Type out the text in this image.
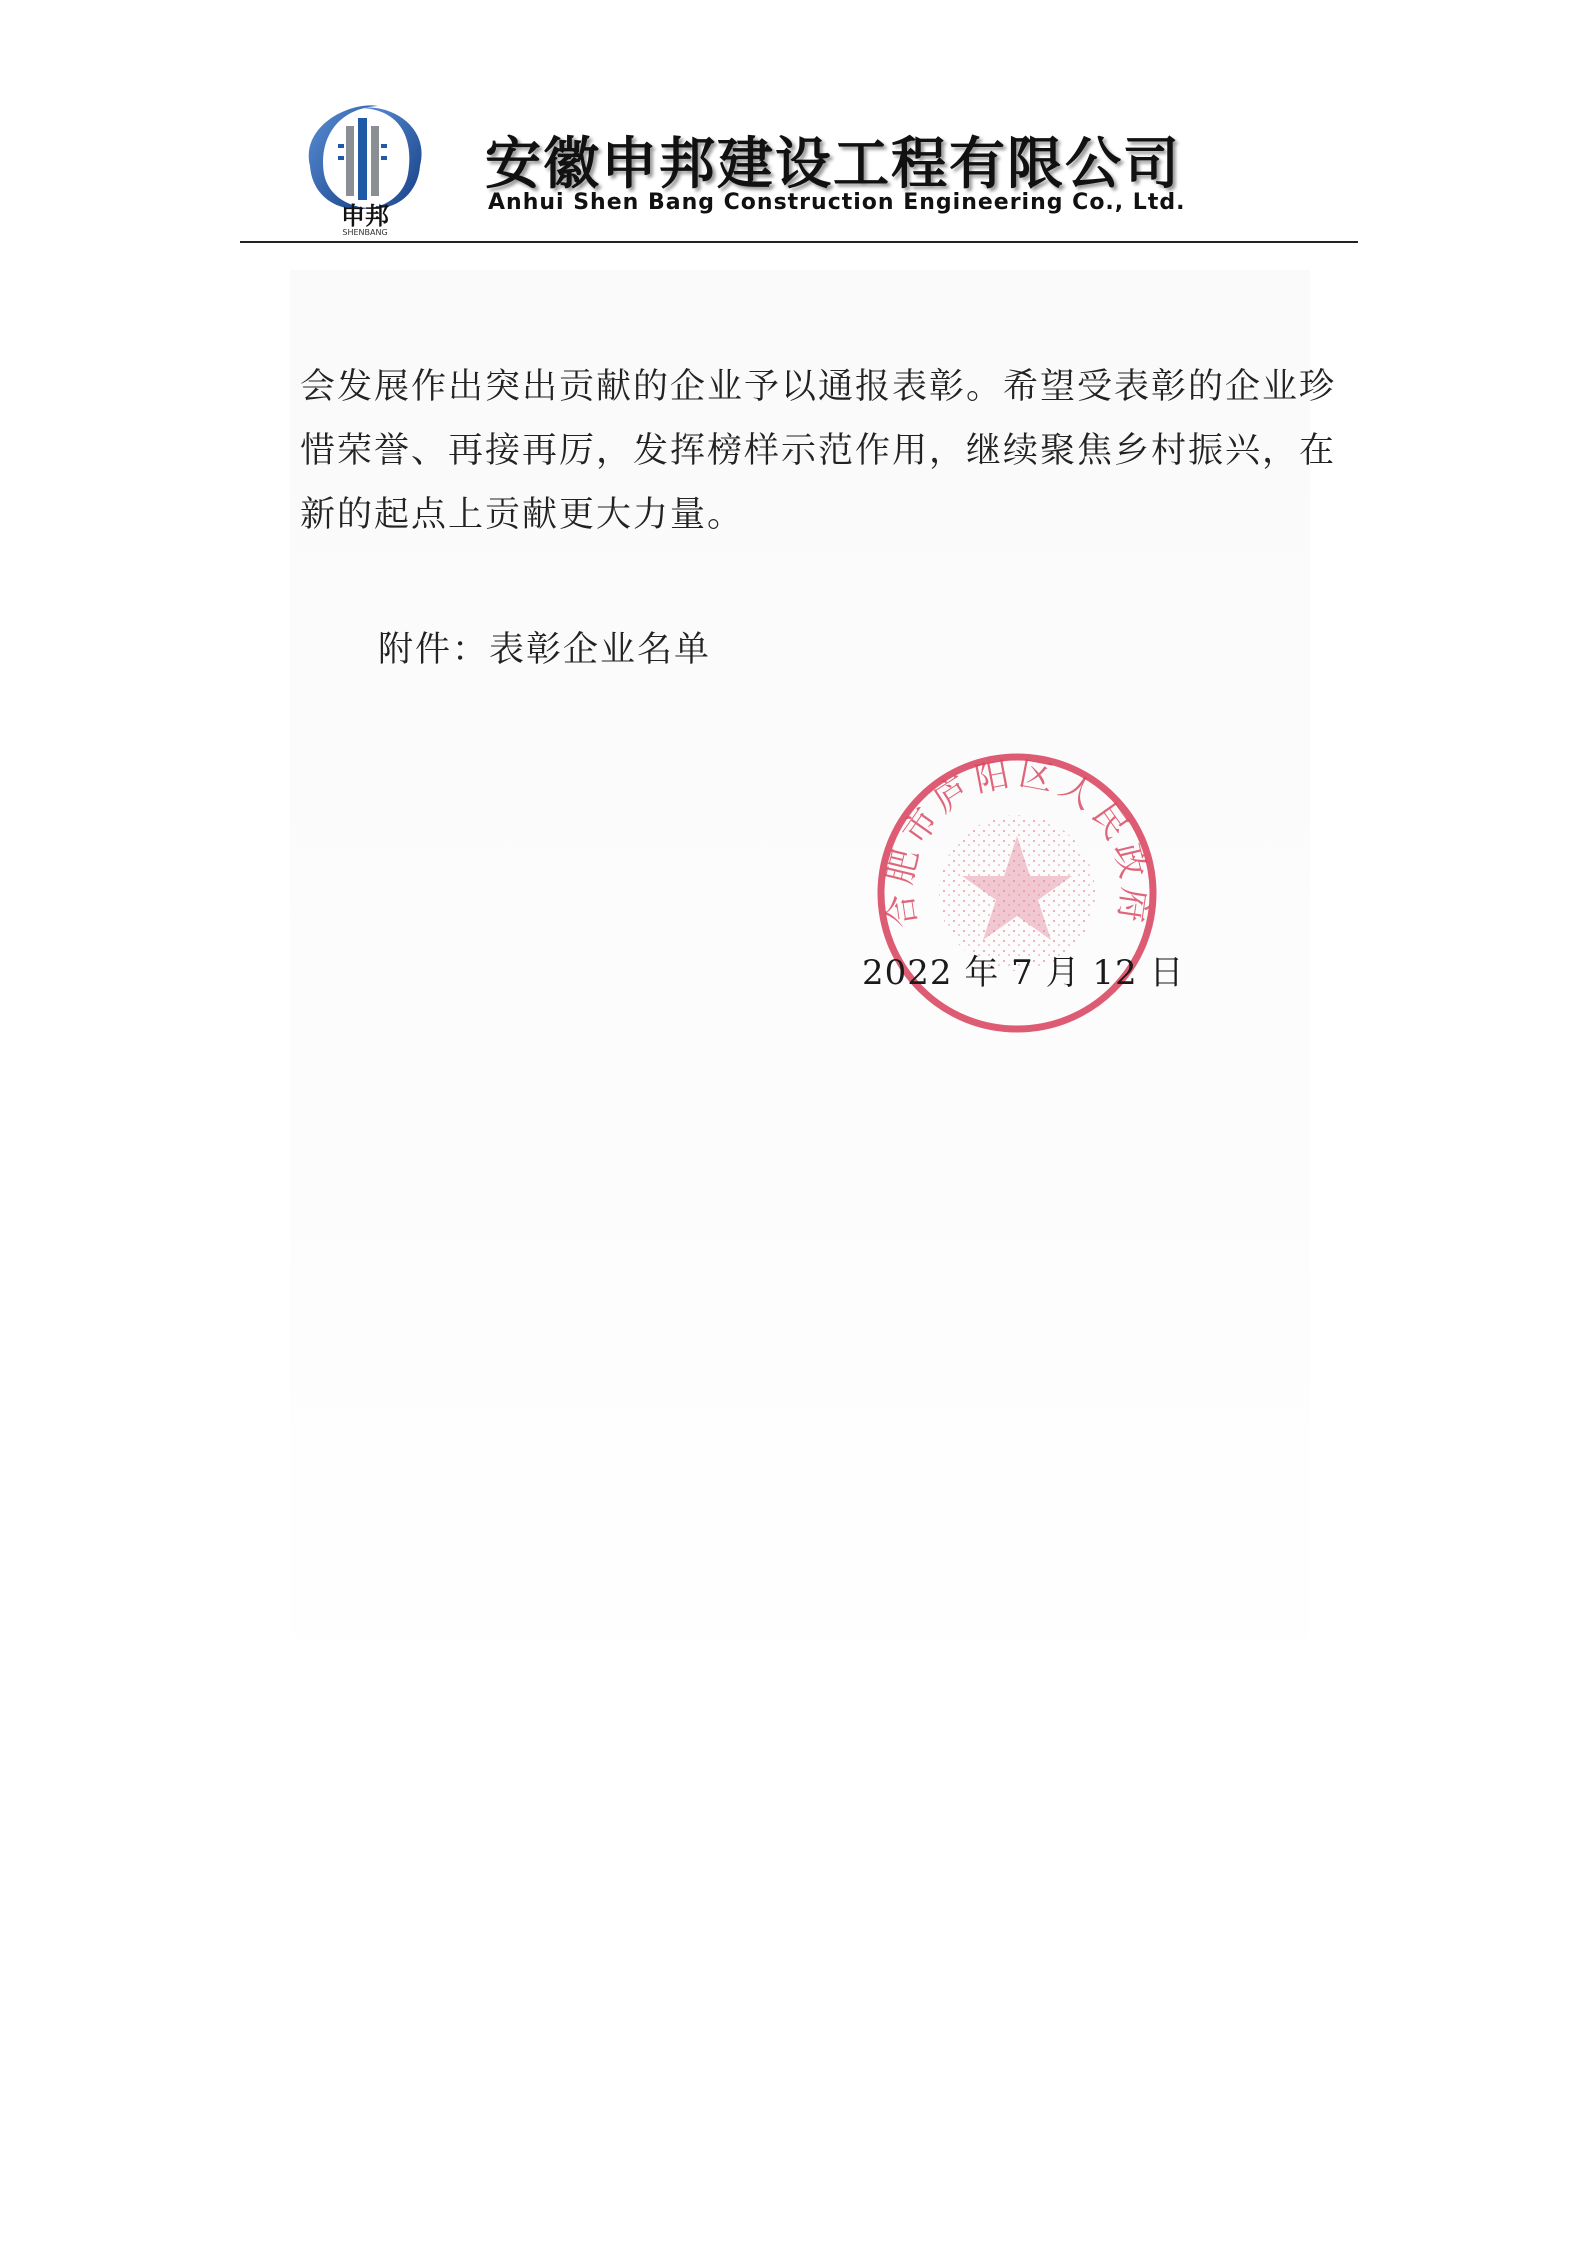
申邦
SHENBANG
安徽申邦建设工程有限公司
Anhui Shen Bang Construction Engineering Co., Ltd.
会发展作出突出贡献的企业予以通报表彰。希望受表彰的企业珍
惜荣誉、再接再厉，发挥榜样示范作用，继续聚焦乡村振兴，在
新的起点上贡献更大力量。
附件：表彰企业名单
合肥市庐阳区人民政府
2022 年 7 月 12 日
